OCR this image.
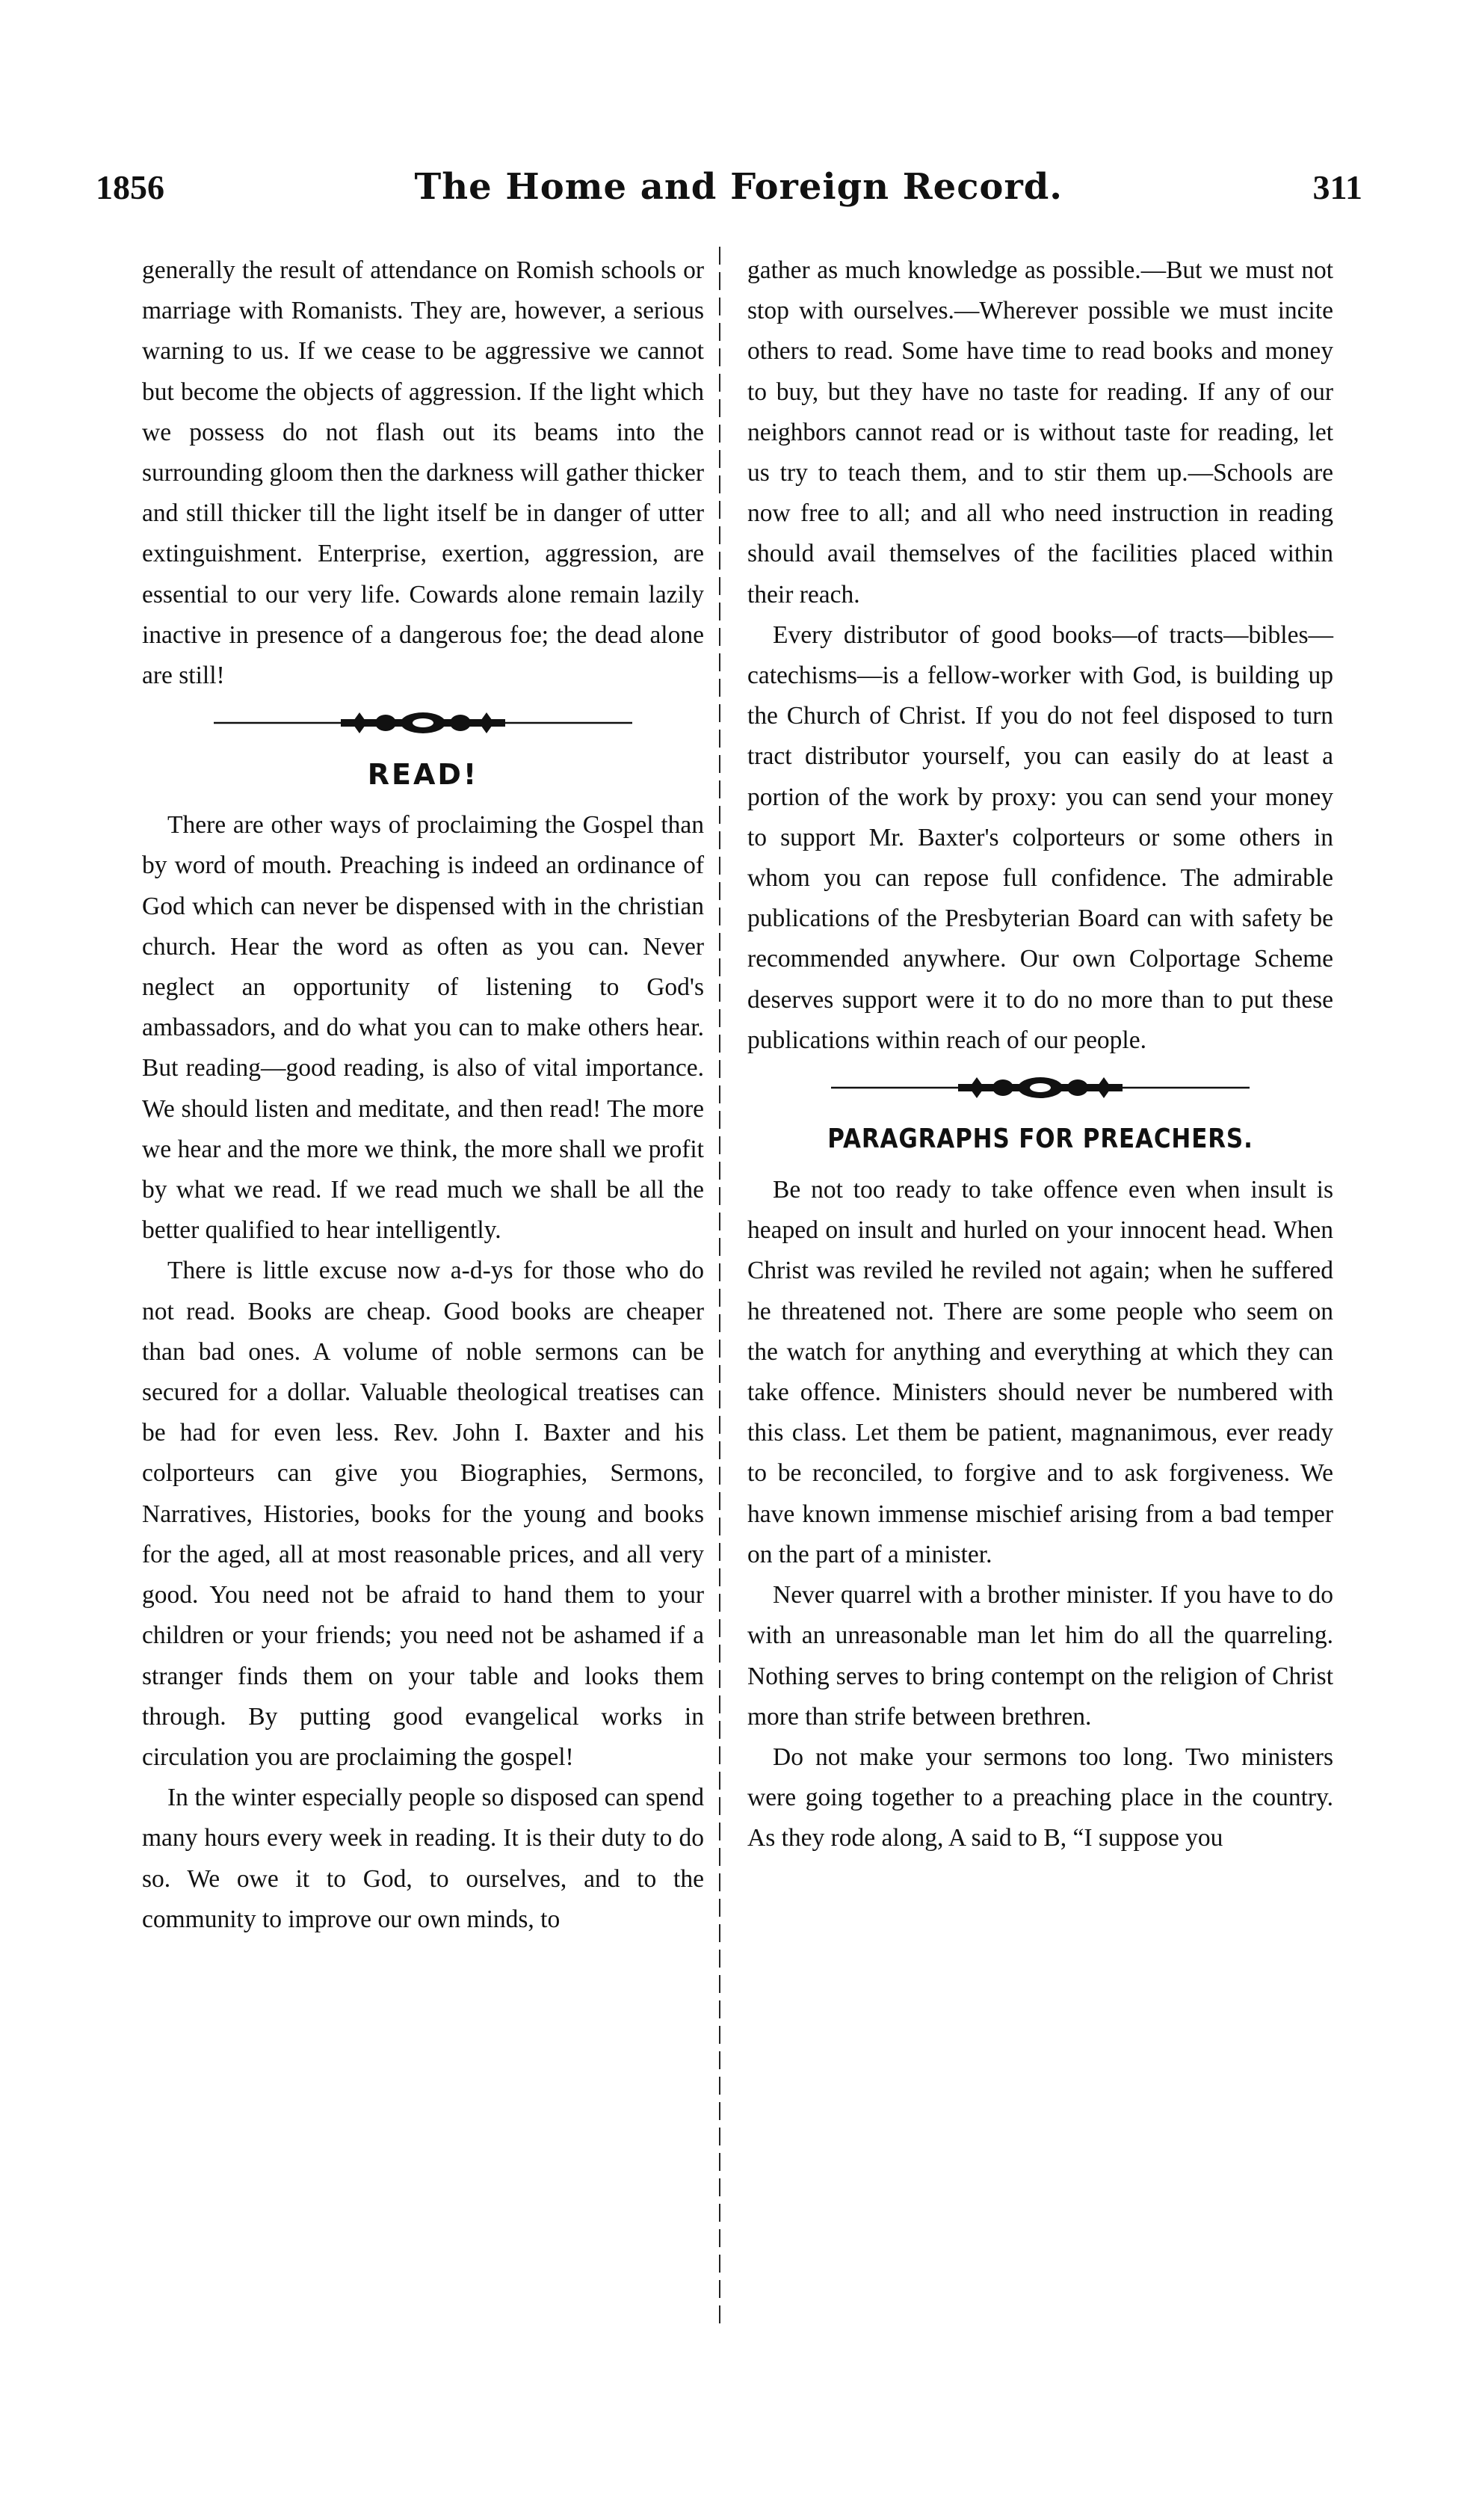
1856	The Home and Foreign Record.	311

generally the result of attendance on Romish schools or marriage with Romanists. They are, however, a serious warning to us. If we cease to be aggressive we cannot but become the objects of aggression. If the light which we possess do not flash out its beams into the surrounding gloom then the darkness will gather thicker and still thicker till the light itself be in danger of utter extinguishment. Enterprise, exertion, aggression, are essential to our very life. Cowards alone remain lazily inactive in presence of a dangerous foe; the dead alone are still!

READ!

There are other ways of proclaiming the Gospel than by word of mouth. Preaching is indeed an ordinance of God which can never be dispensed with in the christian church. Hear the word as often as you can. Never neglect an opportunity of listening to God's ambassadors, and do what you can to make others hear. But reading—good reading, is also of vital importance. We should listen and meditate, and then read! The more we hear and the more we think, the more shall we profit by what we read. If we read much we shall be all the better qualified to hear intelligently.

There is little excuse now a-d-ys for those who do not read. Books are cheap. Good books are cheaper than bad ones. A volume of noble sermons can be secured for a dollar. Valuable theological treatises can be had for even less. Rev. John I. Baxter and his colporteurs can give you Biographies, Sermons, Narratives, Histories, books for the young and books for the aged, all at most reasonable prices, and all very good. You need not be afraid to hand them to your children or your friends; you need not be ashamed if a stranger finds them on your table and looks them through. By putting good evangelical works in circulation you are proclaiming the gospel!

In the winter especially people so disposed can spend many hours every week in reading. It is their duty to do so. We owe it to God, to ourselves, and to the community to improve our own minds, to

gather as much knowledge as possible.—But we must not stop with ourselves.—Wherever possible we must incite others to read. Some have time to read books and money to buy, but they have no taste for reading. If any of our neighbors cannot read or is without taste for reading, let us try to teach them, and to stir them up.—Schools are now free to all; and all who need instruction in reading should avail themselves of the facilities placed within their reach.

Every distributor of good books—of tracts—bibles—catechisms—is a fellow-worker with God, is building up the Church of Christ. If you do not feel disposed to turn tract distributor yourself, you can easily do at least a portion of the work by proxy: you can send your money to support Mr. Baxter's colporteurs or some others in whom you can repose full confidence. The admirable publications of the Presbyterian Board can with safety be recommended anywhere. Our own Colportage Scheme deserves support were it to do no more than to put these publications within reach of our people.

PARAGRAPHS FOR PREACHERS.

Be not too ready to take offence even when insult is heaped on insult and hurled on your innocent head. When Christ was reviled he reviled not again; when he suffered he threatened not. There are some people who seem on the watch for anything and everything at which they can take offence. Ministers should never be numbered with this class. Let them be patient, magnanimous, ever ready to be reconciled, to forgive and to ask forgiveness. We have known immense mischief arising from a bad temper on the part of a minister.

Never quarrel with a brother minister. If you have to do with an unreasonable man let him do all the quarreling. Nothing serves to bring contempt on the religion of Christ more than strife between brethren.

Do not make your sermons too long. Two ministers were going together to a preaching place in the country. As they rode along, A said to B, “I suppose you
